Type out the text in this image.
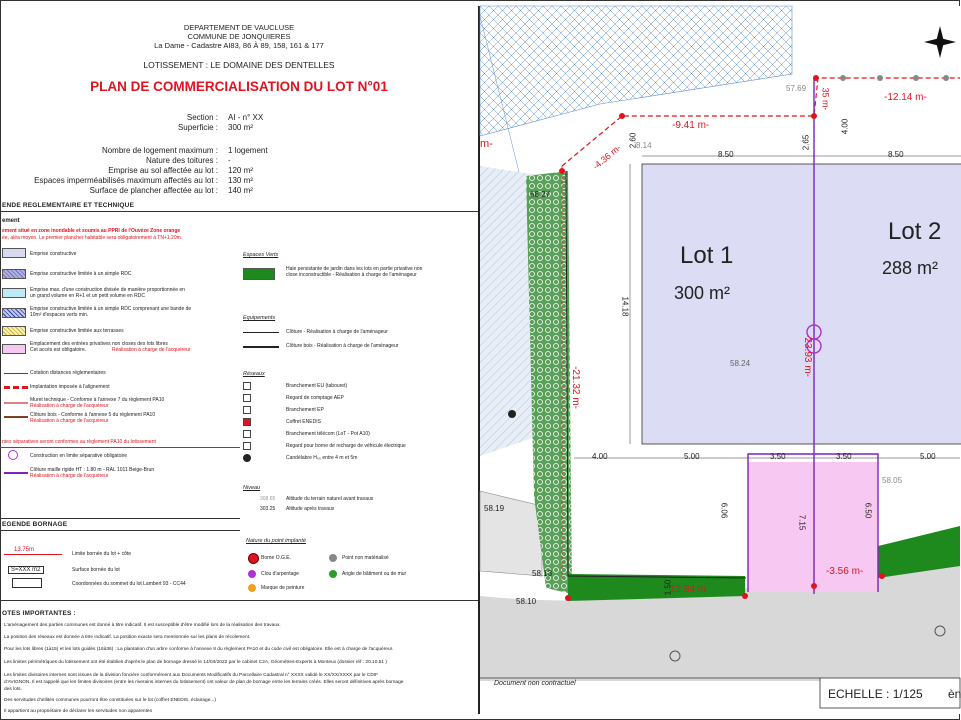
DEPARTEMENT DE VAUCLUSE
COMMUNE DE JONQUIERES
La Dame - Cadastre AI83, 86 À 89, 158, 161 & 177
LOTISSEMENT : LE DOMAINE DES DENTELLES
PLAN DE COMMERCIALISATION DU LOT N°01
Section : AI - n° XX
Superficie : 300 m²
Nombre de logement maximum : 1 logement
Nature des toitures : -
Emprise au sol affectée au lot : 120 m²
Espaces imperméabilisés maximum affectés au lot : 130 m²
Surface de plancher affectée au lot : 140 m²
ENDE REGLEMENTAIRE ET TECHNIQUE
ement
ement situé en zone inondable et soumis au PPRI de l'Ouvèze Zone orange
ée, aléa moyen. Le premier plancher habitable sera obligatoirement à TN+1.20m.
Emprise constructive
Emprise constructive limitée à un simple RDC
Emprise max. d'une construction divisée de manière proportionnée en
un grand volume en R+1 et un petit volume en RDC
Emprise constructive limitée à un simple RDC comprenant une bande de
10m² d'espaces verts min.
Emprise constructive limitée aux terrasses
Emplacement des entrées privatives non closes des lots libres
Cet accès est obligatoire.	Réalisation à charge de l'acquéreur
Cotation distances réglementaires
Implantation imposée à l'alignement
Muret technique - Conforme à l'annexe 7 du règlement PA10
Réalisation à charge de l'acquéreur
Clôture bois - Conforme à l'annexe 5 du règlement PA10
Réalisation à charge de l'acquéreur
ntes séparatives seront conformes au règlement PA10 du lotissement
Construction en limite séparative obligatoire
Clôture maille rigide HT : 1.80 m - RAL 1011 Beige-Brun
Réalisation à charge de l'acquéreur
Espaces Verts
Haie persistante de jardin dans les lots en partie privative non
close inconstructible - Réalisation à charge de l'aménageur
Equipements
Clôture - Réalisation à charge de l'aménageur
Clôture bois - Réalisation à charge de l'aménageur
Réseaux
Branchement EU (tabouret)
Regard de comptage AEP
Branchement EP
Coffret ENEDIS
Branchement télécom (LoT - Pot A10)
Regard pour borne de recharge de véhicule électrique
Candélabre H₀₀ entre 4 m et 5m
Niveau
308.65 Altitude du terrain naturel avant travaux
303.25 Altitude après travaux
EGENDE BORNAGE
13.75m
Limite bornée du lot + côte
S=XXX m2	Surface bornée du lot
Coordonnées du sommet du lot Lambert 93 - CC44
Nature du point implanté
Borne O.G.E.	Point non matérialisé
Clou d'arpentage	Angle de bâtiment ou de mur
Marque de peinture
OTES IMPORTANTES :
L'aménagement des parties communes est donné à titre indicatif. Il est susceptible d'être modifié lors de la réalisation des travaux.
La position des réseaux est donnée à titre indicatif. La position exacte sera mentionnée sur les plans de récolement.
Pour les lots libres (1à15) et les lots guidés (16à36) : La plantation d'un arbre conforme à l'annexe 8 du règlement PA10 et du code civil est obligatoire. Elle est à charge de l'acquéreur.
Les limites périmétriques du lotissement ont été établies d'après le plan de bornage dressé le 14/04/2022 par le cabinet C2A, Géomètres-Experts à Monteux (dossier réf : 20.10.51 )
Les limites divisoires internes sont issues de la division foncière conformément aux Documents Modificatifs du Parcellaire Cadastral n° XXXX validé le XX/XX/XXXX par le CDIF
d'AVIGNON. Il est rappelé que les limites divisoires (entre les riverains internes du lotissement) ont valeur de plan de bornage entre les terrains créés. Elles seront définitives après bornage
des lots.
Des servitudes d'utilités communes pourront être constituées sur le lot (coffret ENEDIS, éclairage...)
Il appartient au propriétaire de déclarer les servitudes non apparentes
Lot 1
300 m²
Lot 2
288 m²
-9.41 m-
-12.14 m-
-4.36 m-
35 m-
57.69
2.60	2.65
4.00
8.14
8.50	8.50
14.18
-21.32 m-
-23.93 m-
58.24
58.27
4.00	5.00	3.50	3.50	5.00
6.06
7.15
6.50
58.05
-3.56 m-
12.84 m
1.50
58.19
58.13
58.10
m-
Document non contractuel
ECHELLE : 1/125 èn
